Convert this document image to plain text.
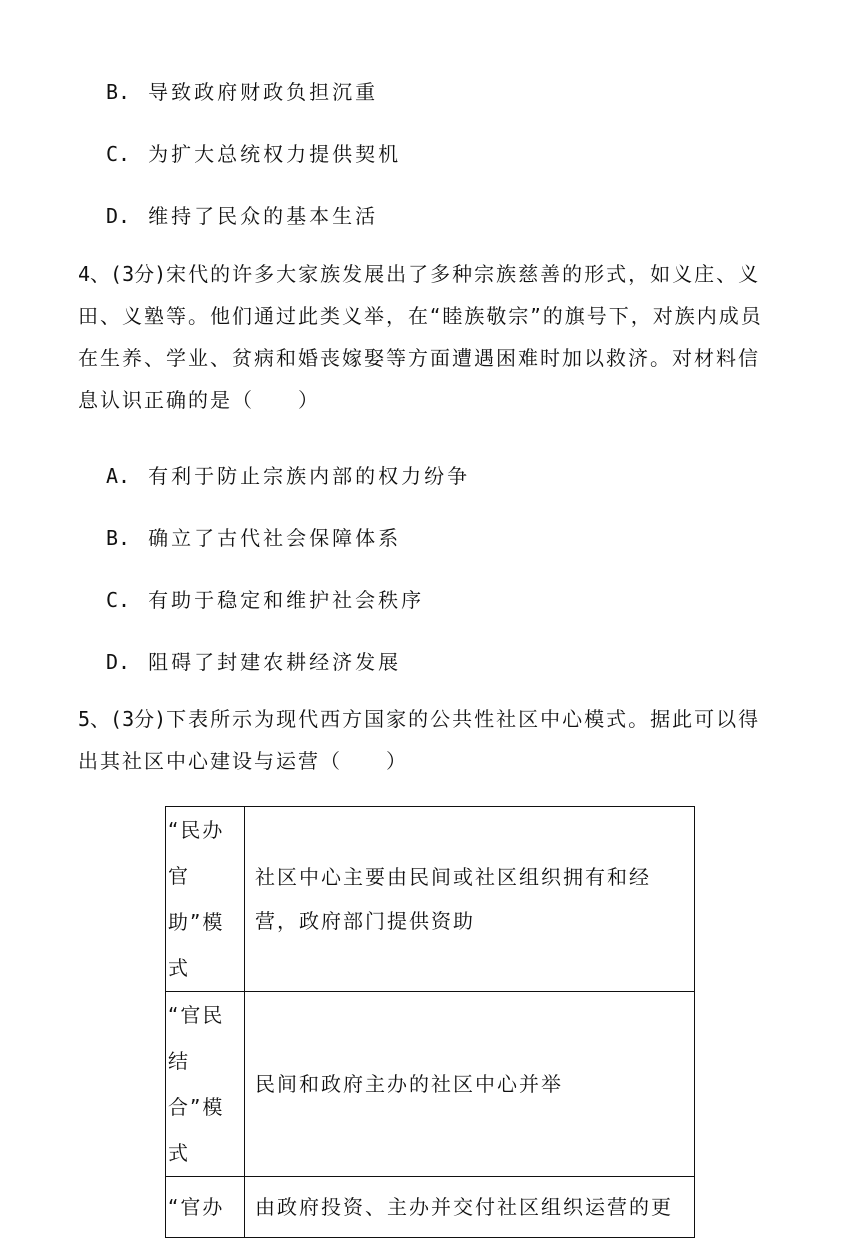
B. 导致政府财政负担沉重
C. 为扩大总统权力提供契机
D. 维持了民众的基本生活
4、(3分)宋代的许多大家族发展出了多种宗族慈善的形式，如义庄、义田、义塾等。他们通过此类义举，在“睦族敬宗”的旗号下，对族内成员在生养、学业、贫病和婚丧嫁娶等方面遭遇困难时加以救济。对材料信息认识正确的是（　　）
A. 有利于防止宗族内部的权力纷争
B. 确立了古代社会保障体系
C. 有助于稳定和维护社会秩序
D. 阻碍了封建农耕经济发展
5、(3分)下表所示为现代西方国家的公共性社区中心模式。据此可以得出其社区中心建设与运营（　　）
“民办官助”模式	社区中心主要由民间或社区组织拥有和经营，政府部门提供资助
“官民结合”模式	民间和政府主办的社区中心并举
“官办	由政府投资、主办并交付社区组织运营的更
